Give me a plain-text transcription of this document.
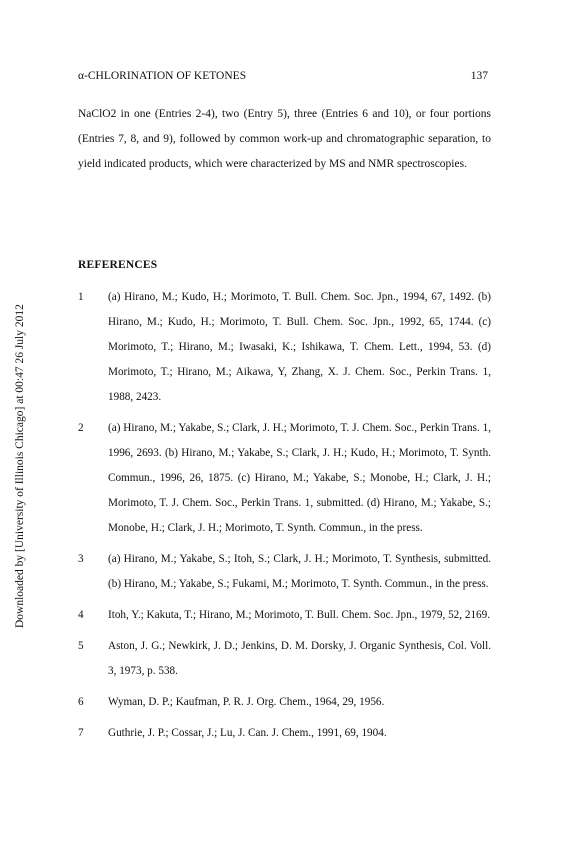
Downloaded by [University of Illinois Chicago] at 00:47 26 July 2012
α-CHLORINATION OF KETONES	137
NaClO2 in one (Entries 2-4), two (Entry 5), three (Entries 6 and 10), or four portions (Entries 7, 8, and 9), followed by common work-up and chromatographic separation, to yield indicated products, which were characterized by MS and NMR spectroscopies.
REFERENCES
1 (a) Hirano, M.; Kudo, H.; Morimoto, T. Bull. Chem. Soc. Jpn., 1994, 67, 1492. (b) Hirano, M.; Kudo, H.; Morimoto, T. Bull. Chem. Soc. Jpn., 1992, 65, 1744. (c) Morimoto, T.; Hirano, M.; Iwasaki, K.; Ishikawa, T. Chem. Lett., 1994, 53. (d) Morimoto, T.; Hirano, M.; Aikawa, Y, Zhang, X. J. Chem. Soc., Perkin Trans. 1, 1988, 2423.
2 (a) Hirano, M.; Yakabe, S.; Clark, J. H.; Morimoto, T. J. Chem. Soc., Perkin Trans. 1, 1996, 2693. (b) Hirano, M.; Yakabe, S.; Clark, J. H.; Kudo, H.; Morimoto, T. Synth. Commun., 1996, 26, 1875. (c) Hirano, M.; Yakabe, S.; Monobe, H.; Clark, J. H.; Morimoto, T. J. Chem. Soc., Perkin Trans. 1, submitted. (d) Hirano, M.; Yakabe, S.; Monobe, H.; Clark, J. H.; Morimoto, T. Synth. Commun., in the press.
3 (a) Hirano, M.; Yakabe, S.; Itoh, S.; Clark, J. H.; Morimoto, T. Synthesis, submitted. (b) Hirano, M.; Yakabe, S.; Fukami, M.; Morimoto, T. Synth. Commun., in the press.
4 Itoh, Y.; Kakuta, T.; Hirano, M.; Morimoto, T. Bull. Chem. Soc. Jpn., 1979, 52, 2169.
5 Aston, J. G.; Newkirk, J. D.; Jenkins, D. M. Dorsky, J. Organic Synthesis, Col. Voll. 3, 1973, p. 538.
6 Wyman, D. P.; Kaufman, P. R. J. Org. Chem., 1964, 29, 1956.
7 Guthrie, J. P.; Cossar, J.; Lu, J. Can. J. Chem., 1991, 69, 1904.
